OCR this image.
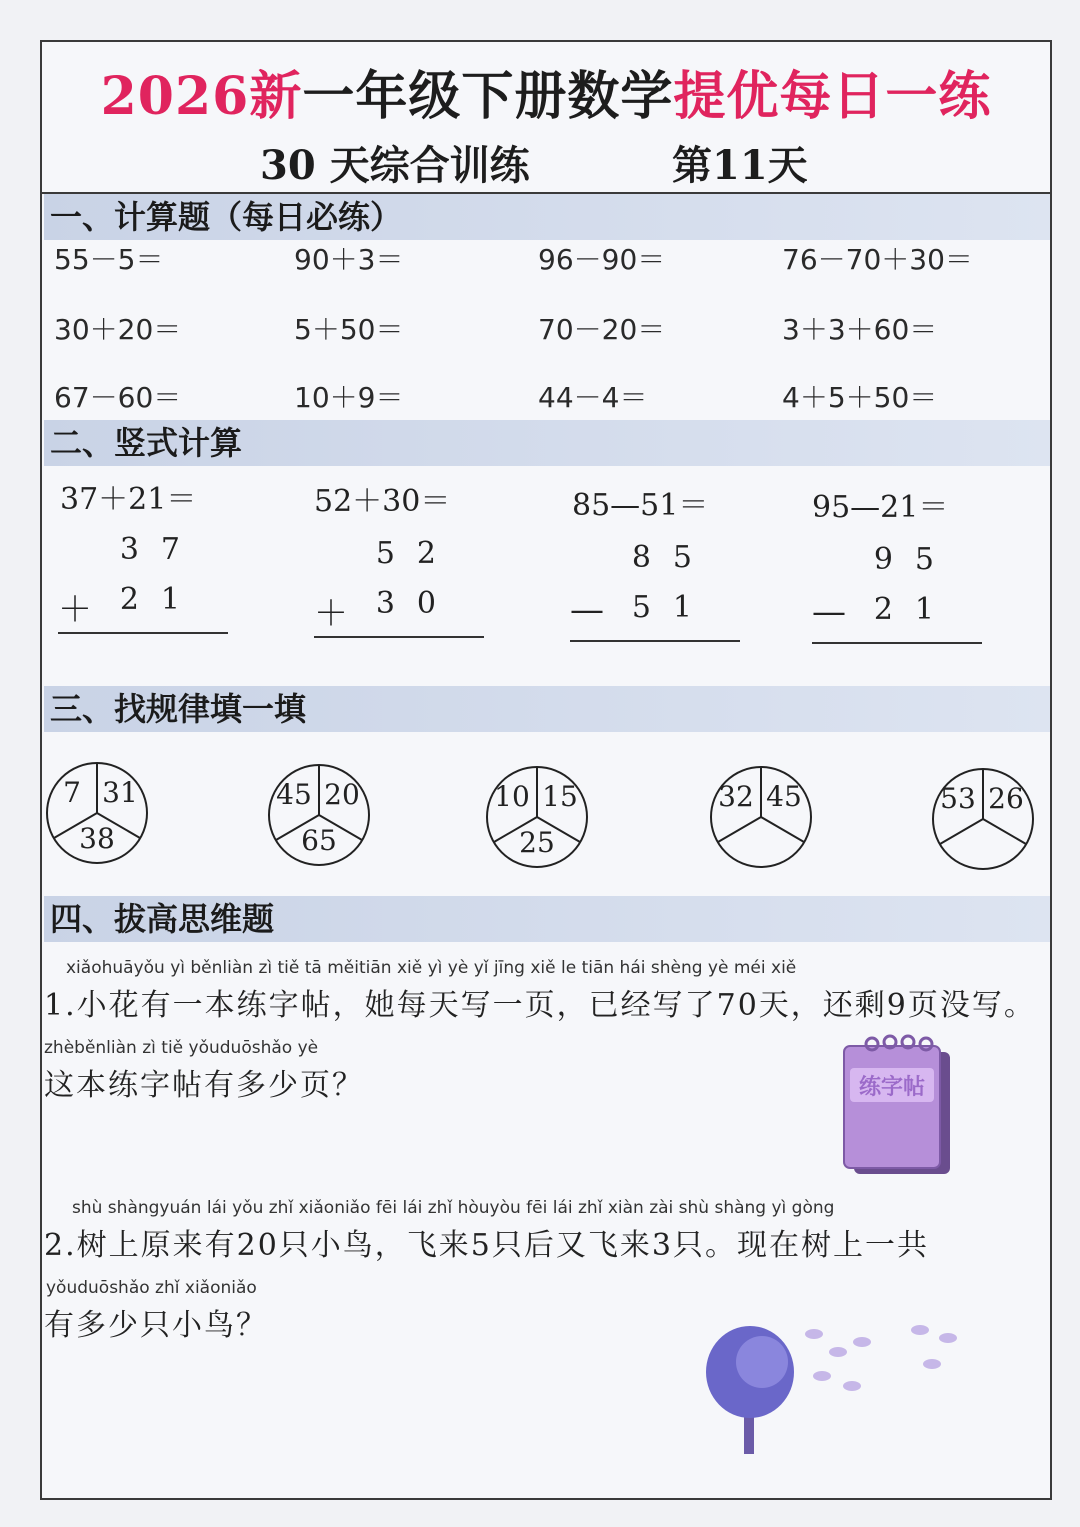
2026新一年级下册数学提优每日一练
30 天综合训练	第11天
一、计算题（每日必练）
55－5＝	90＋3＝	96－90＝	76－70＋30＝
30＋20＝	5＋50＝	70－20＝	3＋3＋60＝
67－60＝	10＋9＝	44－4＝	4＋5＋50＝
二、竖式计算
37＋21＝	52＋30＝	85—51＝	95—21＝
37
＋ 21
52
＋ 30
85
— 51
95
— 21
三、找规律填一填
7 31
38
45 20
65
10 15
25
32 45	53 26
四、拔高思维题
xiǎohuāyǒu yì běnliàn zì tiě tā měitiān xiě yì yè yǐ jīng xiě le tiān hái shèng yè méi xiě
1.小花有一本练字帖，她每天写一页，已经写了70天，还剩9页没写。
zhèběnliàn zì tiě yǒuduōshǎo yè
这本练字帖有多少页？	练字帖
shù shàngyuán lái yǒu zhǐ xiǎoniǎo fēi lái zhǐ hòuyòu fēi lái zhǐ xiàn zài shù shàng yì gòng
2.树上原来有20只小鸟，飞来5只后又飞来3只。现在树上一共
yǒuduōshǎo zhǐ xiǎoniǎo
有多少只小鸟？
